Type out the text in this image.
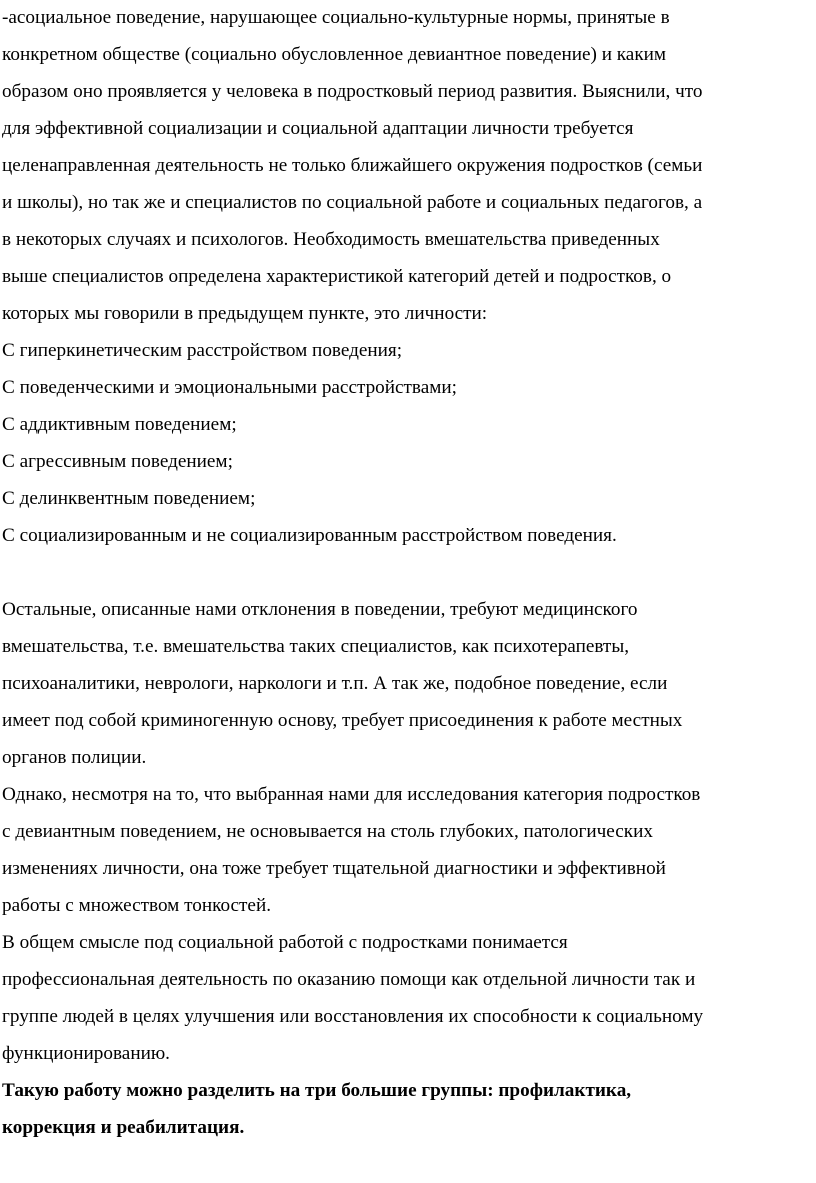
-асоциальное поведение, нарушающее социально-культурные нормы, принятые в
конкретном обществе (социально обусловленное девиантное поведение) и каким
образом оно проявляется у человека в подростковый период развития. Выяснили, что
для эффективной социализации и социальной адаптации личности требуется
целенаправленная деятельность не только ближайшего окружения подростков (семьи
и школы), но так же и специалистов по социальной работе и социальных педагогов, а
в некоторых случаях и психологов. Необходимость вмешательства приведенных
выше специалистов определена характеристикой категорий детей и подростков, о
которых мы говорили в предыдущем пункте, это личности:
С гиперкинетическим расстройством поведения;
С поведенческими и эмоциональными расстройствами;
С аддиктивным поведением;
С агрессивным поведением;
С делинквентным поведением;
С социализированным и не социализированным расстройством поведения.
Остальные, описанные нами отклонения в поведении, требуют медицинского
вмешательства, т.е. вмешательства таких специалистов, как психотерапевты,
психоаналитики, неврологи, наркологи и т.п. А так же, подобное поведение, если
имеет под собой криминогенную основу, требует присоединения к работе местных
органов полиции.
Однако, несмотря на то, что выбранная нами для исследования категория подростков
с девиантным поведением, не основывается на столь глубоких, патологических
изменениях личности, она тоже требует тщательной диагностики и эффективной
работы с множеством тонкостей.
В общем смысле под социальной работой с подростками понимается
профессиональная деятельность по оказанию помощи как отдельной личности так и
группе людей в целях улучшения или восстановления их способности к социальному
функционированию.
Такую работу можно разделить на три большие группы: профилактика,
коррекция и реабилитация.
